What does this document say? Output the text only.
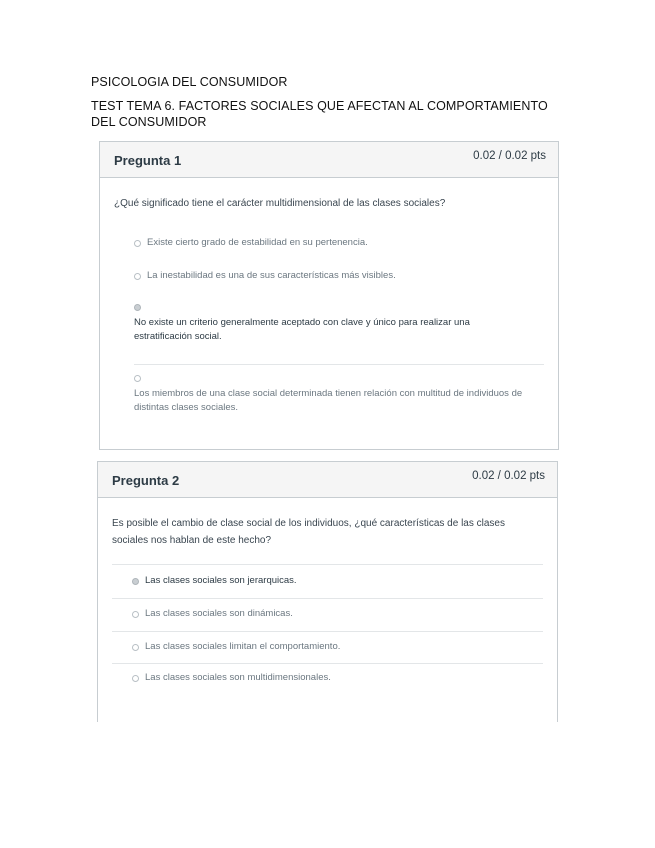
PSICOLOGIA DEL CONSUMIDOR
TEST TEMA 6. FACTORES SOCIALES QUE AFECTAN AL COMPORTAMIENTO DEL CONSUMIDOR
Pregunta 1	0.02 / 0.02 pts
¿Qué significado tiene el carácter multidimensional de las clases sociales?
Existe cierto grado de estabilidad en su pertenencia.
La inestabilidad es una de sus características más visibles.
No existe un criterio generalmente aceptado con clave y único para realizar una estratificación social.
Los miembros de una clase social determinada tienen relación con multitud de individuos de distintas clases sociales.
Pregunta 2	0.02 / 0.02 pts
Es posible el cambio de clase social de los individuos, ¿qué características de las clases sociales nos hablan de este hecho?
Las clases sociales son jerarquicas.
Las clases sociales son dinámicas.
Las clases sociales limitan el comportamiento.
Las clases sociales son multidimensionales.
